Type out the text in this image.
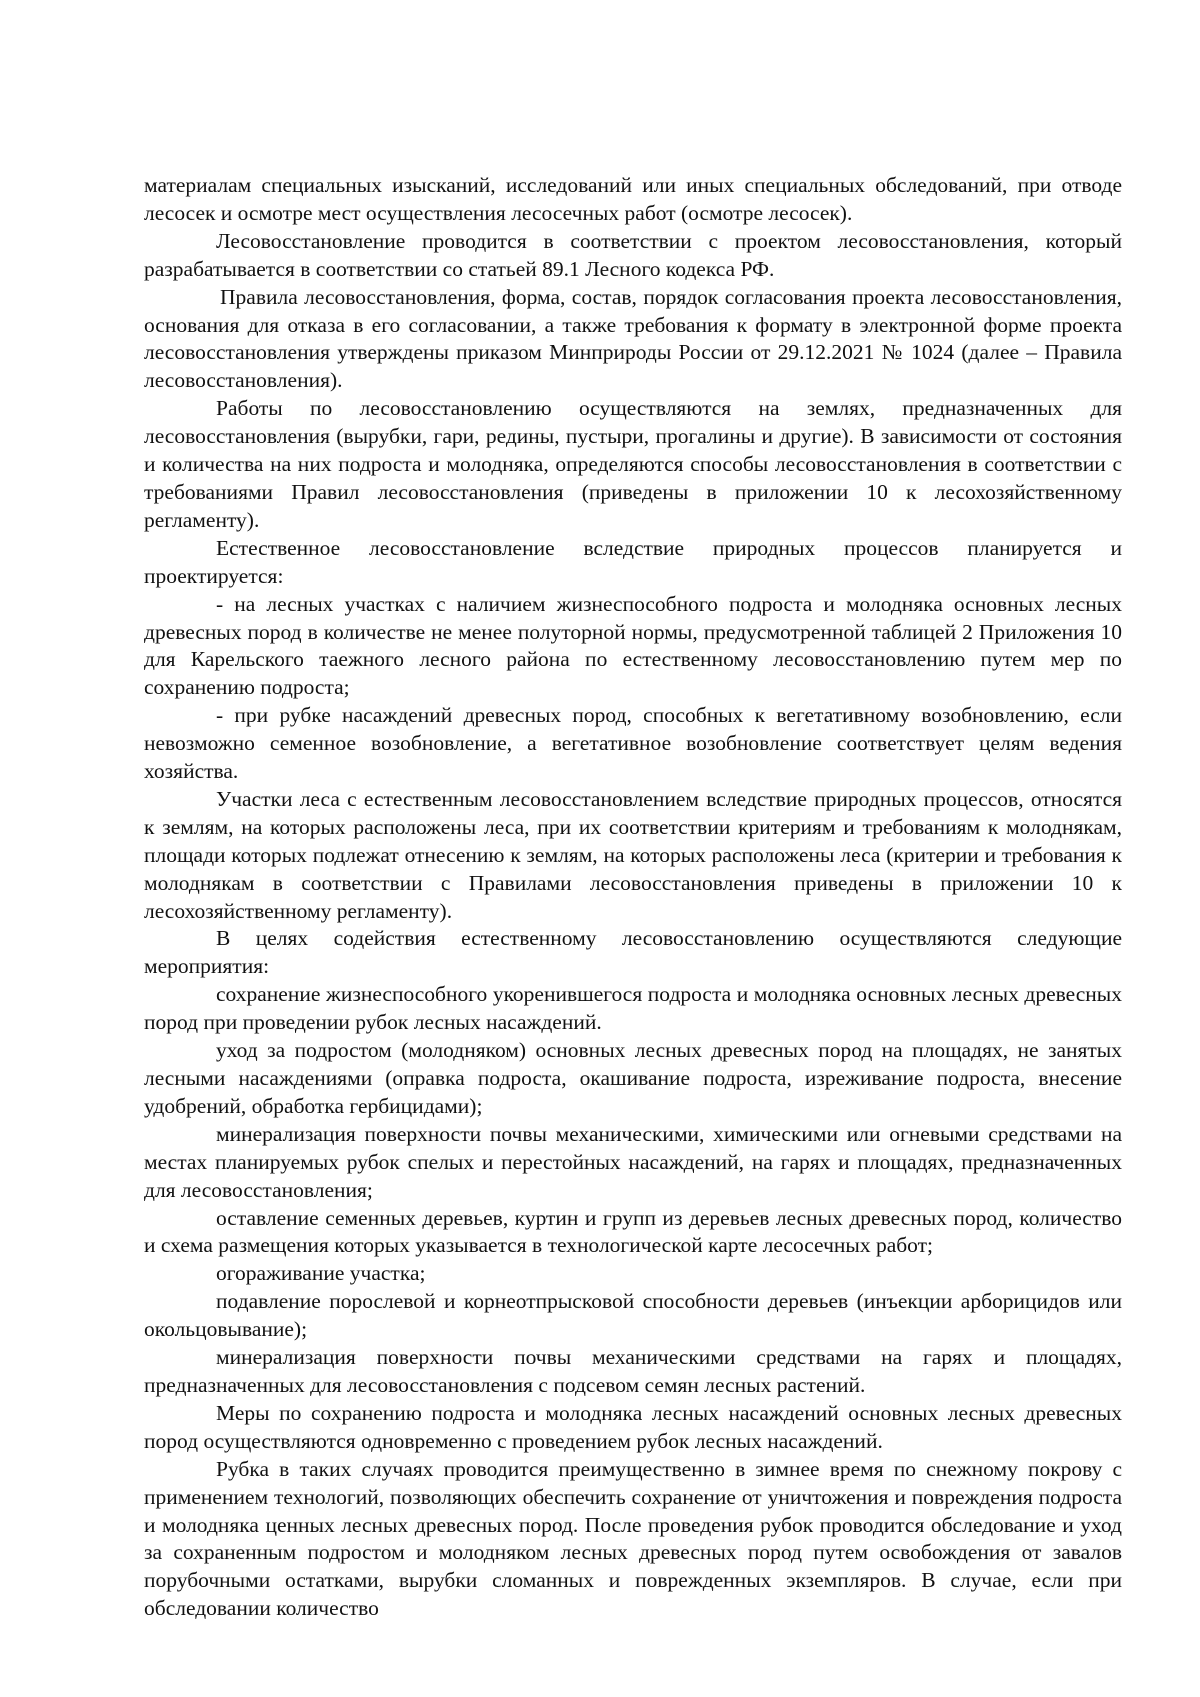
материалам специальных изысканий, исследований или иных специальных обследований, при отводе лесосек и осмотре мест осуществления лесосечных работ (осмотре лесосек).

Лесовосстановление проводится в соответствии с проектом лесовосстановления, который разрабатывается в соответствии со статьей 89.1 Лесного кодекса РФ.

Правила лесовосстановления, форма, состав, порядок согласования проекта лесовосстановления, основания для отказа в его согласовании, а также требования к формату в электронной форме проекта лесовосстановления утверждены приказом Минприроды России от 29.12.2021 № 1024 (далее – Правила лесовосстановления).

Работы по лесовосстановлению осуществляются на землях, предназначенных для лесовосстановления (вырубки, гари, редины, пустыри, прогалины и другие). В зависимости от состояния и количества на них подроста и молодняка, определяются способы лесовосстановления в соответствии с требованиями Правил лесовосстановления (приведены в приложении 10 к лесохозяйственному регламенту).

Естественное лесовосстановление вследствие природных процессов планируется и проектируется:

- на лесных участках с наличием жизнеспособного подроста и молодняка основных лесных древесных пород в количестве не менее полуторной нормы, предусмотренной таблицей 2 Приложения 10 для Карельского таежного лесного района по естественному лесовосстановлению путем мер по сохранению подроста;

- при рубке насаждений древесных пород, способных к вегетативному возобновлению, если невозможно семенное возобновление, а вегетативное возобновление соответствует целям ведения хозяйства.

Участки леса с естественным лесовосстановлением вследствие природных процессов, относятся к землям, на которых расположены леса, при их соответствии критериям и требованиям к молоднякам, площади которых подлежат отнесению к землям, на которых расположены леса (критерии и требования к молоднякам в соответствии с Правилами лесовосстановления приведены в приложении 10 к лесохозяйственному регламенту).

В целях содействия естественному лесовосстановлению осуществляются следующие мероприятия:

сохранение жизнеспособного укоренившегося подроста и молодняка основных лесных древесных пород при проведении рубок лесных насаждений.

уход за подростом (молодняком) основных лесных древесных пород на площадях, не занятых лесными насаждениями (оправка подроста, окашивание подроста, изреживание подроста, внесение удобрений, обработка гербицидами);

минерализация поверхности почвы механическими, химическими или огневыми средствами на местах планируемых рубок спелых и перестойных насаждений, на гарях и площадях, предназначенных для лесовосстановления;

оставление семенных деревьев, куртин и групп из деревьев лесных древесных пород, количество и схема размещения которых указывается в технологической карте лесосечных работ;

огораживание участка;

подавление порослевой и корнеотпрысковой способности деревьев (инъекции арборицидов или окольцовывание);

минерализация поверхности почвы механическими средствами на гарях и площадях, предназначенных для лесовосстановления с подсевом семян лесных растений.

Меры по сохранению подроста и молодняка лесных насаждений основных лесных древесных пород осуществляются одновременно с проведением рубок лесных насаждений.

Рубка в таких случаях проводится преимущественно в зимнее время по снежному покрову с применением технологий, позволяющих обеспечить сохранение от уничтожения и повреждения подроста и молодняка ценных лесных древесных пород. После проведения рубок проводится обследование и уход за сохраненным подростом и молодняком лесных древесных пород путем освобождения от завалов порубочными остатками, вырубки сломанных и поврежденных экземпляров. В случае, если при обследовании количество
